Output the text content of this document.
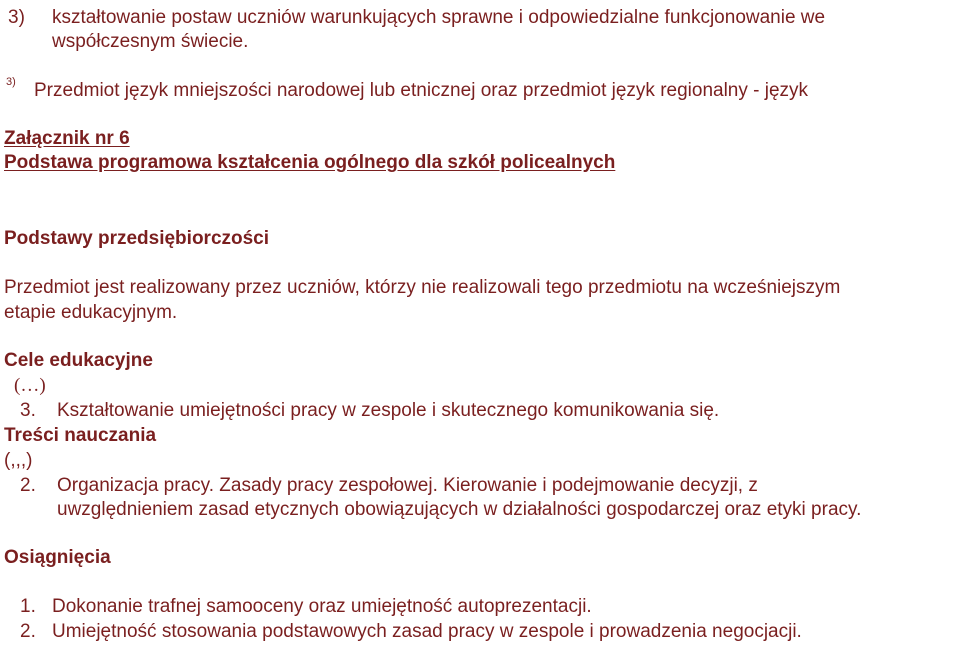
3) kształtowanie postaw uczniów warunkujących sprawne i odpowiedzialne funkcjonowanie we
współczesnym świecie.
3) Przedmiot język mniejszości narodowej lub etnicznej oraz przedmiot język regionalny - język
Załącznik nr 6
Podstawa programowa kształcenia ogólnego dla szkół policealnych
Podstawy przedsiębiorczości
Przedmiot jest realizowany przez uczniów, którzy nie realizowali tego przedmiotu na wcześniejszym
etapie edukacyjnym.
Cele edukacyjne
(…)
3. Kształtowanie umiejętności pracy w zespole i skutecznego komunikowania się.
Treści nauczania
(,,,)
2. Organizacja pracy. Zasady pracy zespołowej. Kierowanie i podejmowanie decyzji, z
uwzględnieniem zasad etycznych obowiązujących w działalności gospodarczej oraz etyki pracy.
Osiągnięcia
1. Dokonanie trafnej samooceny oraz umiejętność autoprezentacji.
2. Umiejętność stosowania podstawowych zasad pracy w zespole i prowadzenia negocjacji.
